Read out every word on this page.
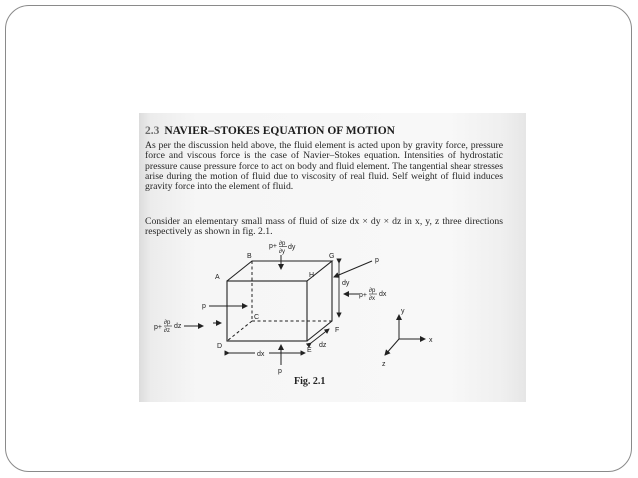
2.3 NAVIER–STOKES EQUATION OF MOTION

As per the discussion held above, the fluid element is acted upon by gravity force, pressure force and viscous force is the case of Navier–Stokes equation. Intensities of hydrostatic pressure cause pressure force to act on body and fluid element. The tangential shear stresses arise during the motion of fluid due to viscosity of real fluid. Self weight of fluid induces gravity force into the element of fluid.

Consider an elementary small mass of fluid of size dx × dy × dz in x, y, z three directions respectively as shown in fig. 2.1.

p+ ∂p
∂y
dy
B	G
A	H
C
F
D
E
p
dy
p+
∂p
∂x
dx
p
p+
∂p
∂z
dz
dx
dz
p
y
x
z
Fig. 2.1
